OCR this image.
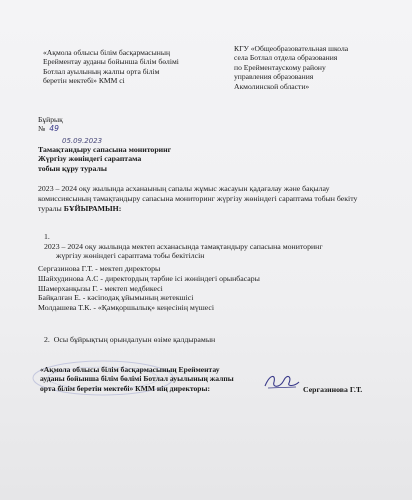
«Ақмола облысы білім басқармасының
Ерейментау ауданы бойынша білім бөлімі
Ботлал ауылының жалпы орта білім
беретін мектебі» КММ сі
КГУ «Общеобразовательная школа
села Ботлал отдела образования
по Ерейментаускому району
управления образования
Акмолинской области»
Бұйрық
№ 49
05.09.2023
Тамақтандыру сапасына мониторинг
Жүргізу жөніндегі сараптама
тобын құру туралы
2023 – 2024 оқу жылында асханаының сапалы жұмыс жасауын қадағалау және бақылау комиссиясының тамақтандыру сапасына мониторинг жүргізу жөніндегі сараптама тобын бекіту туралы БҰЙЫРАМЫН:
1.
2023 – 2024 оқу жылында мектеп асханасында тамақтандыру сапасына мониторинг
жүргізу жөніндегі сараптама тобы бекітілсін
Сергазинова Г.Т. - мектеп директоры
Шайхудинова А.С - директордың тәрбие ісі жөніндегі орынбасары
Шамерханқызы Г. - мектеп медбикесі
Байқалған Е. - кәсіподақ ұйымының жетекшісі
Молдашева Т.К. - «Қамқоршылық» кеңесінің мүшесі
2. Осы бұйрықтың орындалуын өзіме қалдырамын
«Ақмола облысы білім басқармасының Ерейментау
ауданы бойынша білім бөлімі Ботлал ауылының жалпы
орта білім беретін мектебі» КММ нің директоры:	Сергазинова Г.Т.
